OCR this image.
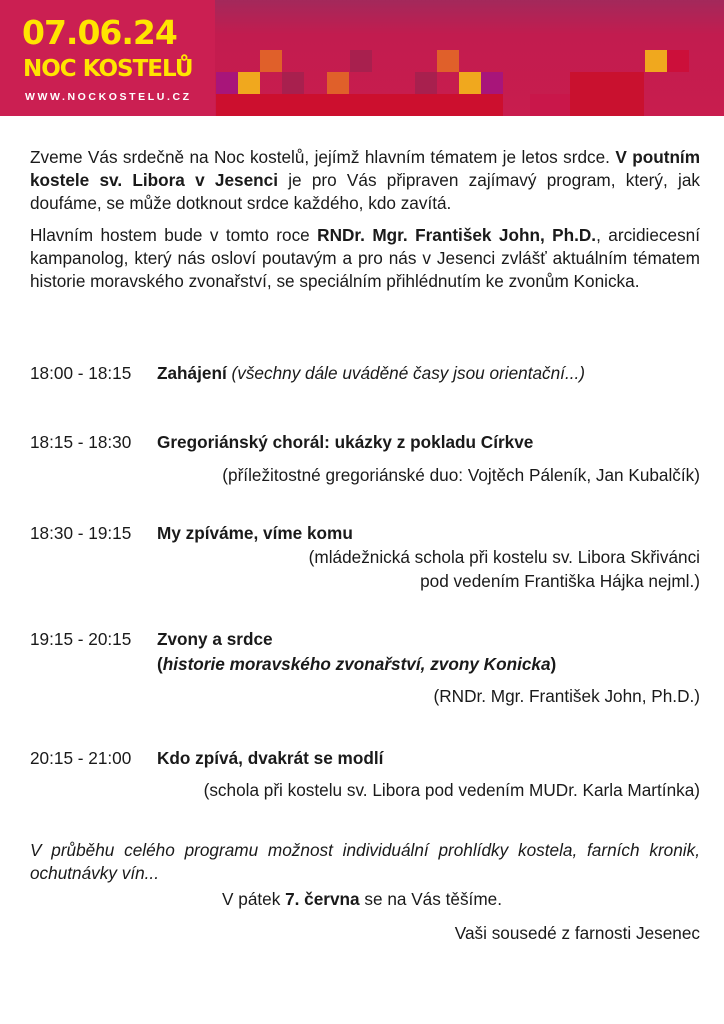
07.06.24
NOC KOSTELŮ
WWW.NOCKOSTELU.CZ

Zveme Vás srdečně na Noc kostelů, jejímž hlavním tématem je letos srdce. V poutním kostele sv. Libora v Jesenci je pro Vás připraven zajímavý program, který, jak doufáme, se může dotknout srdce každého, kdo zavítá.

Hlavním hostem bude v tomto roce RNDr. Mgr. František John, Ph.D., arcidiecesní kampanolog, který nás osloví poutavým a pro nás v Jesenci zvlášť aktuálním tématem historie moravského zvonařství, se speciálním přihlédnutím ke zvonům Konicka.

18:00 - 18:15 Zahájení (všechny dále uváděné časy jsou orientační...)
18:15 - 18:30 Gregoriánský chorál: ukázky z pokladu Církve
(příležitostné gregoriánské duo: Vojtěch Páleník, Jan Kubalčík)
18:30 - 19:15 My zpíváme, víme komu
(mládežnická schola při kostelu sv. Libora Skřivánci
pod vedením Františka Hájka nejml.)
19:15 - 20:15 Zvony a srdce
(historie moravského zvonařství, zvony Konicka)
(RNDr. Mgr. František John, Ph.D.)
20:15 - 21:00 Kdo zpívá, dvakrát se modlí
(schola při kostelu sv. Libora pod vedením MUDr. Karla Martínka)
V průběhu celého programu možnost individuální prohlídky kostela, farních kronik, ochutnávky vín...
V pátek 7. června se na Vás těšíme.
Vaši sousedé z farnosti Jesenec
